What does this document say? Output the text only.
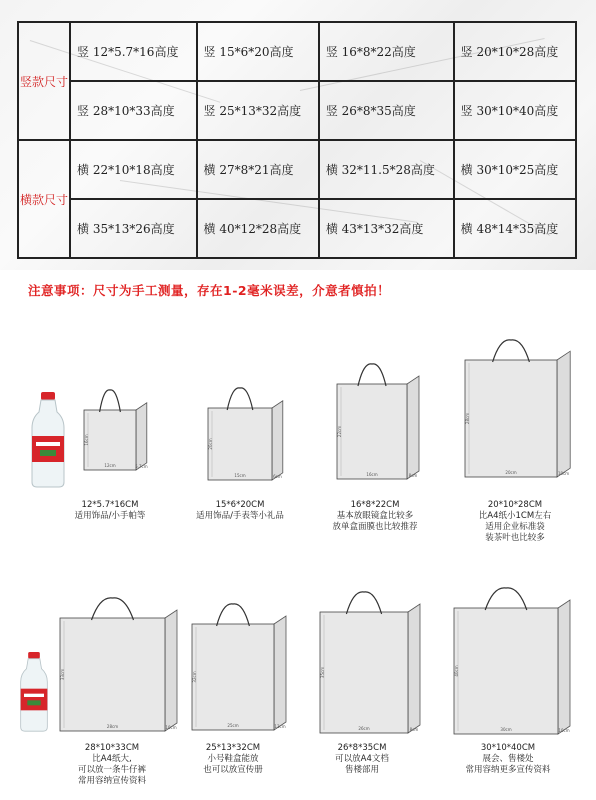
竖款尺寸	竖 12*5.7*16高度	竖 15*6*20高度	竖 16*8*22高度	竖 20*10*28高度
	竖 28*10*33高度	竖 25*13*32高度	竖 26*8*35高度	竖 30*10*40高度
横款尺寸	横 22*10*18高度	横 27*8*21高度	横 32*11.5*28高度	横 30*10*25高度
	横 35*13*26高度	横 40*12*28高度	横 43*13*32高度	横 48*14*35高度
注意事项：尺寸为手工测量，存在1-2毫米误差，介意者慎拍！
12cm
16cm
5.7cm
12*5.7*16CM
适用饰品/小手帕等
15cm
20cm
6cm
15*6*20CM
适用饰品/手表等小礼品
16cm
22cm
8cm
16*8*22CM
基本放眼镜盒比较多
放单盒面膜也比较推荐
20cm
28cm
10cm
20*10*28CM
比A4纸小1CM左右
适用企业标准袋
装茶叶也比较多
28cm
33cm
10cm
28*10*33CM
比A4纸大,
可以放一条牛仔裤
常用容纳宣传资料
25cm
32cm
13cm
25*13*32CM
小号鞋盒能放
也可以放宣传册
26cm
35cm
8cm
26*8*35CM
可以放A4文档
售楼部用
30cm
40cm
10cm
30*10*40CM
展会、售楼处
常用容纳更多宣传资料
